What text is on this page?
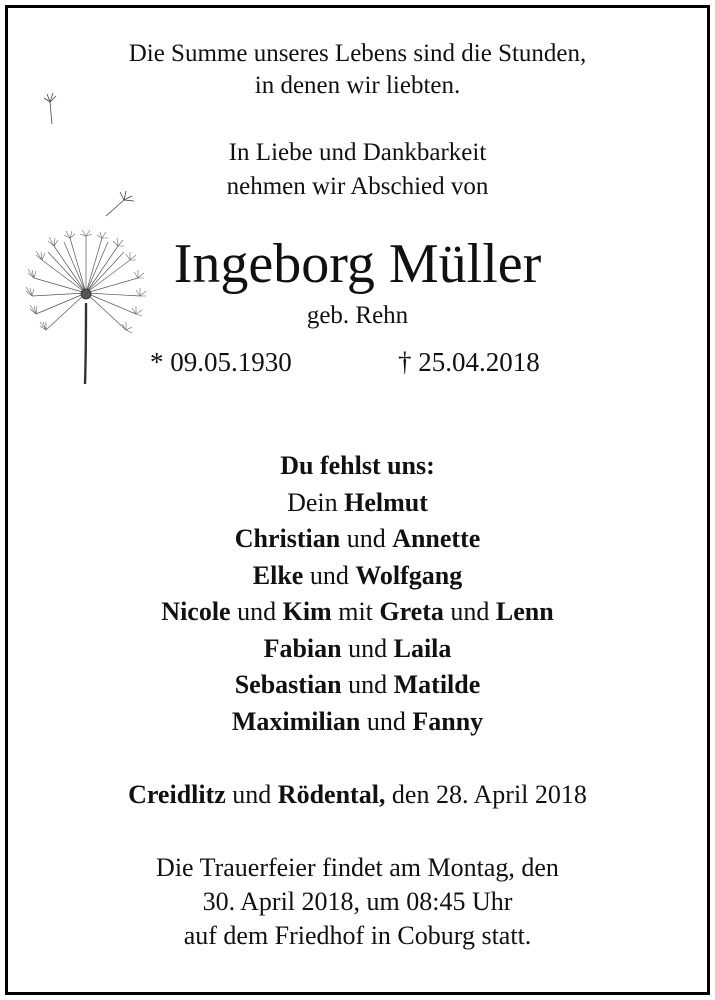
Die Summe unseres Lebens sind die Stunden,
in denen wir liebten.
In Liebe und Dankbarkeit
nehmen wir Abschied von
Ingeborg Müller
geb. Rehn
* 09.05.1930	† 25.04.2018
Du fehlst uns:
Dein Helmut
Christian und Annette
Elke und Wolfgang
Nicole und Kim mit Greta und Lenn
Fabian und Laila
Sebastian und Matilde
Maximilian und Fanny
Creidlitz und Rödental, den 28. April 2018
Die Trauerfeier findet am Montag, den
30. April 2018, um 08:45 Uhr
auf dem Friedhof in Coburg statt.
